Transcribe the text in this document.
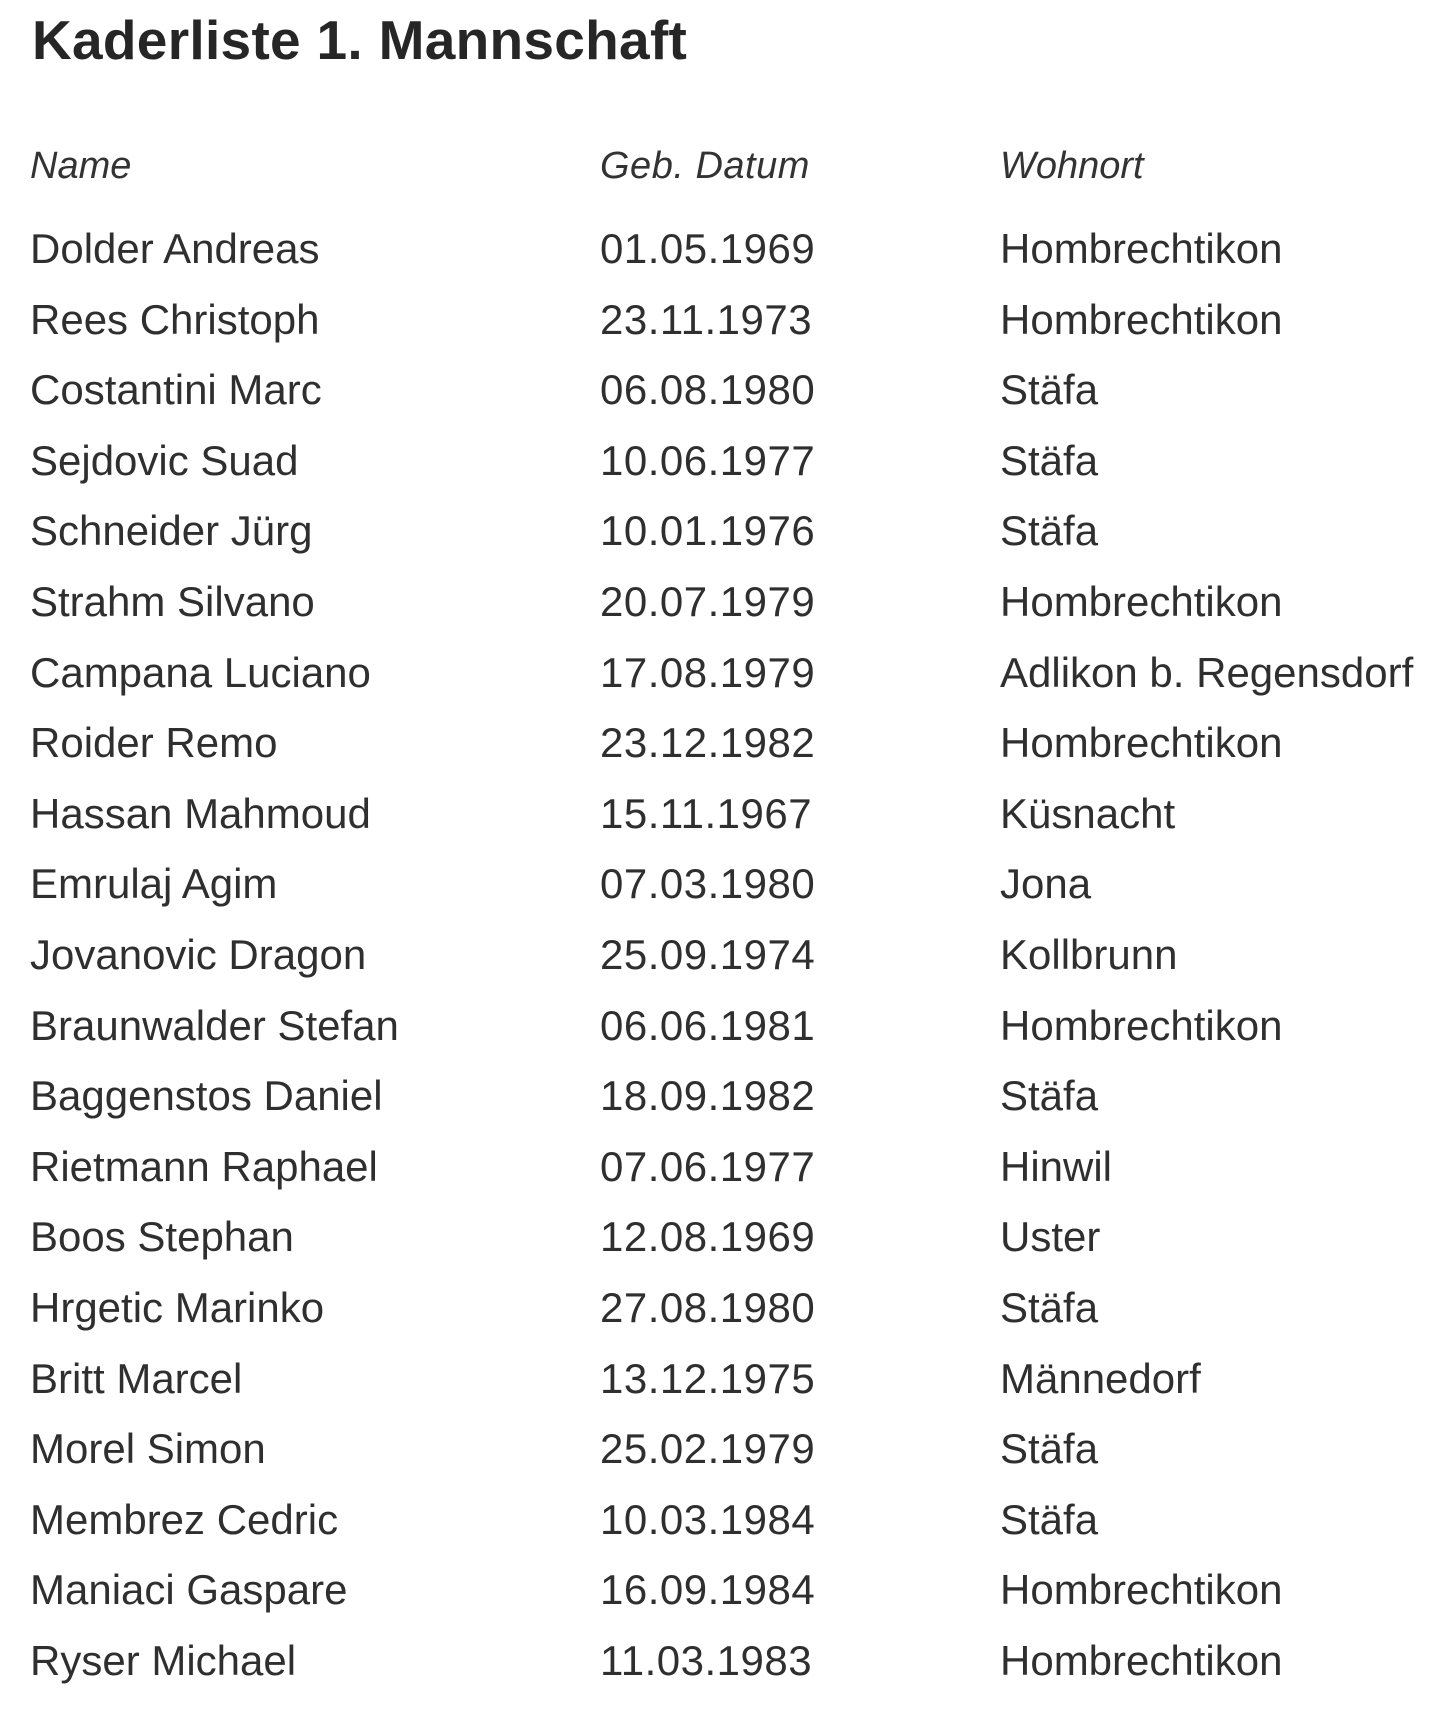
Kaderliste 1. Mannschaft
Name	Geb. Datum	Wohnort
Dolder Andreas	01.05.1969	Hombrechtikon
Rees Christoph	23.11.1973	Hombrechtikon
Costantini Marc	06.08.1980	Stäfa
Sejdovic Suad	10.06.1977	Stäfa
Schneider Jürg	10.01.1976	Stäfa
Strahm Silvano	20.07.1979	Hombrechtikon
Campana Luciano	17.08.1979	Adlikon b. Regensdorf
Roider Remo	23.12.1982	Hombrechtikon
Hassan Mahmoud	15.11.1967	Küsnacht
Emrulaj Agim	07.03.1980	Jona
Jovanovic Dragon	25.09.1974	Kollbrunn
Braunwalder Stefan	06.06.1981	Hombrechtikon
Baggenstos Daniel	18.09.1982	Stäfa
Rietmann Raphael	07.06.1977	Hinwil
Boos Stephan	12.08.1969	Uster
Hrgetic Marinko	27.08.1980	Stäfa
Britt Marcel	13.12.1975	Männedorf
Morel Simon	25.02.1979	Stäfa
Membrez Cedric	10.03.1984	Stäfa
Maniaci Gaspare	16.09.1984	Hombrechtikon
Ryser Michael	11.03.1983	Hombrechtikon
